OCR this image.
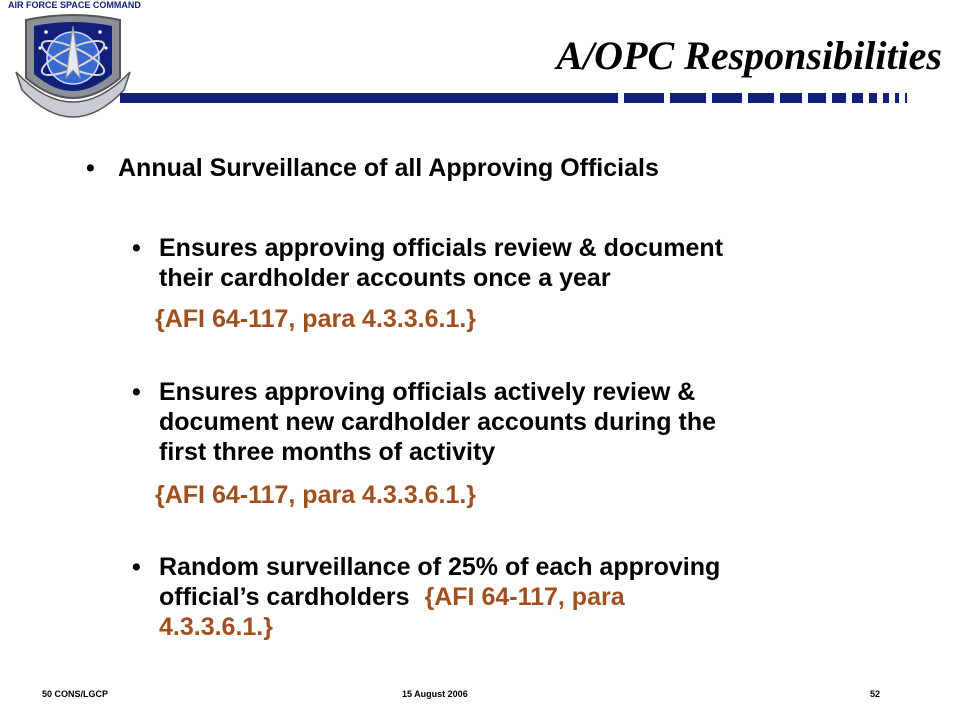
AIR FORCE SPACE COMMAND
A/OPC Responsibilities
• Annual Surveillance of all Approving Officials
• Ensures approving officials review & document
their cardholder accounts once a year
{AFI 64-117, para 4.3.3.6.1.}
• Ensures approving officials actively review &
document new cardholder accounts during the
first three months of activity
{AFI 64-117, para 4.3.3.6.1.}
• Random surveillance of 25% of each approving
official’s cardholders {AFI 64-117, para
4.3.3.6.1.}
50 CONS/LGCP	15 August 2006	52
